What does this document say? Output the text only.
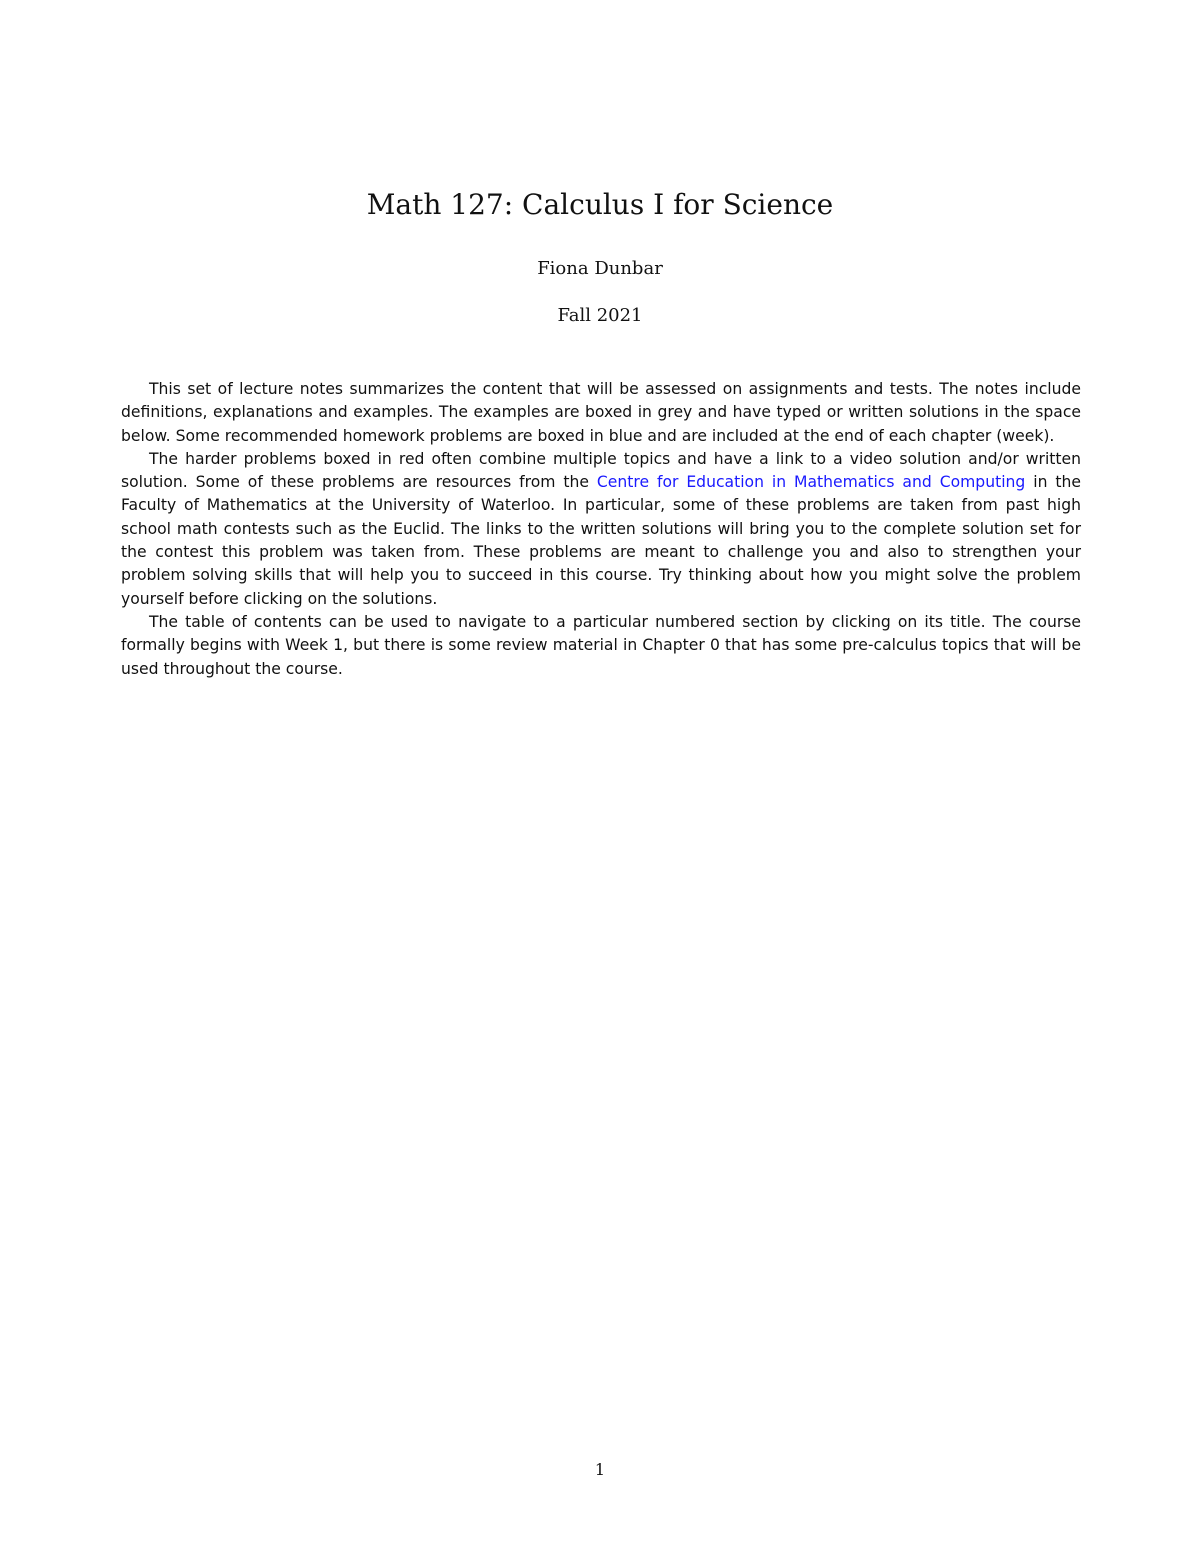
Math 127: Calculus I for Science
Fiona Dunbar
Fall 2021

This set of lecture notes summarizes the content that will be assessed on assignments and tests. The notes include definitions, explanations and examples. The examples are boxed in grey and have typed or written solutions in the space below. Some recommended homework problems are boxed in blue and are included at the end of each chapter (week).

The harder problems boxed in red often combine multiple topics and have a link to a video solution and/or written solution. Some of these problems are resources from the Centre for Education in Mathematics and Computing in the Faculty of Mathematics at the University of Waterloo. In particular, some of these problems are taken from past high school math contests such as the Euclid. The links to the written solutions will bring you to the complete solution set for the contest this problem was taken from. These problems are meant to challenge you and also to strengthen your problem solving skills that will help you to succeed in this course. Try thinking about how you might solve the problem yourself before clicking on the solutions.

The table of contents can be used to navigate to a particular numbered section by clicking on its title. The course formally begins with Week 1, but there is some review material in Chapter 0 that has some pre-calculus topics that will be used throughout the course.

1
